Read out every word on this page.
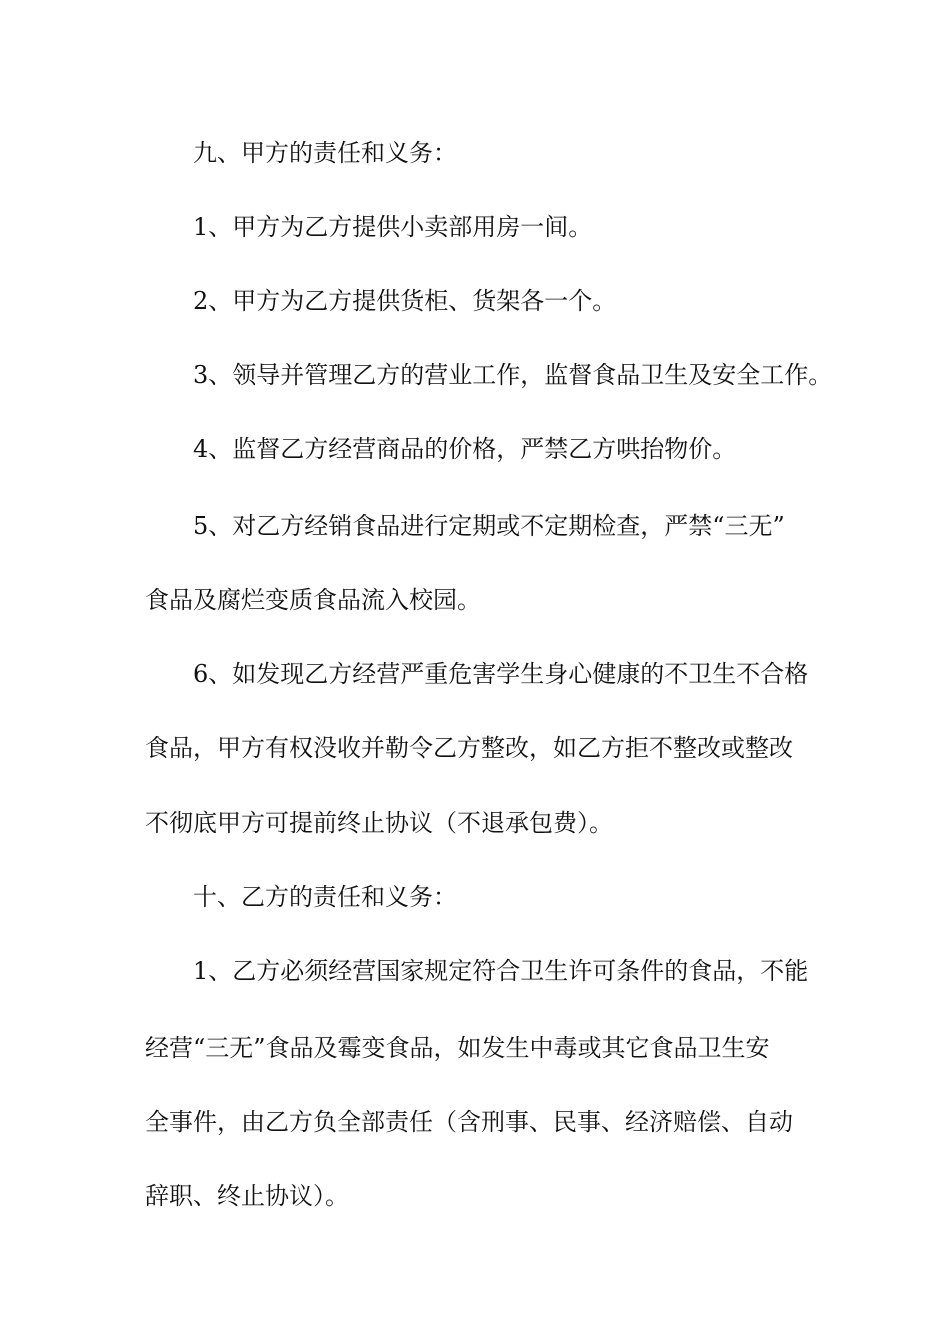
九、甲方的责任和义务：
1、甲方为乙方提供小卖部用房一间。
2、甲方为乙方提供货柜、货架各一个。
3、领导并管理乙方的营业工作，监督食品卫生及安全工作。
4、监督乙方经营商品的价格，严禁乙方哄抬物价。
5、对乙方经销食品进行定期或不定期检查，严禁“三无”
食品及腐烂变质食品流入校园。
6、如发现乙方经营严重危害学生身心健康的不卫生不合格
食品，甲方有权没收并勒令乙方整改，如乙方拒不整改或整改
不彻底甲方可提前终止协议（不退承包费）。
十、乙方的责任和义务：
1、乙方必须经营国家规定符合卫生许可条件的食品，不能
经营“三无”食品及霉变食品，如发生中毒或其它食品卫生安
全事件，由乙方负全部责任（含刑事、民事、经济赔偿、自动
辞职、终止协议）。
